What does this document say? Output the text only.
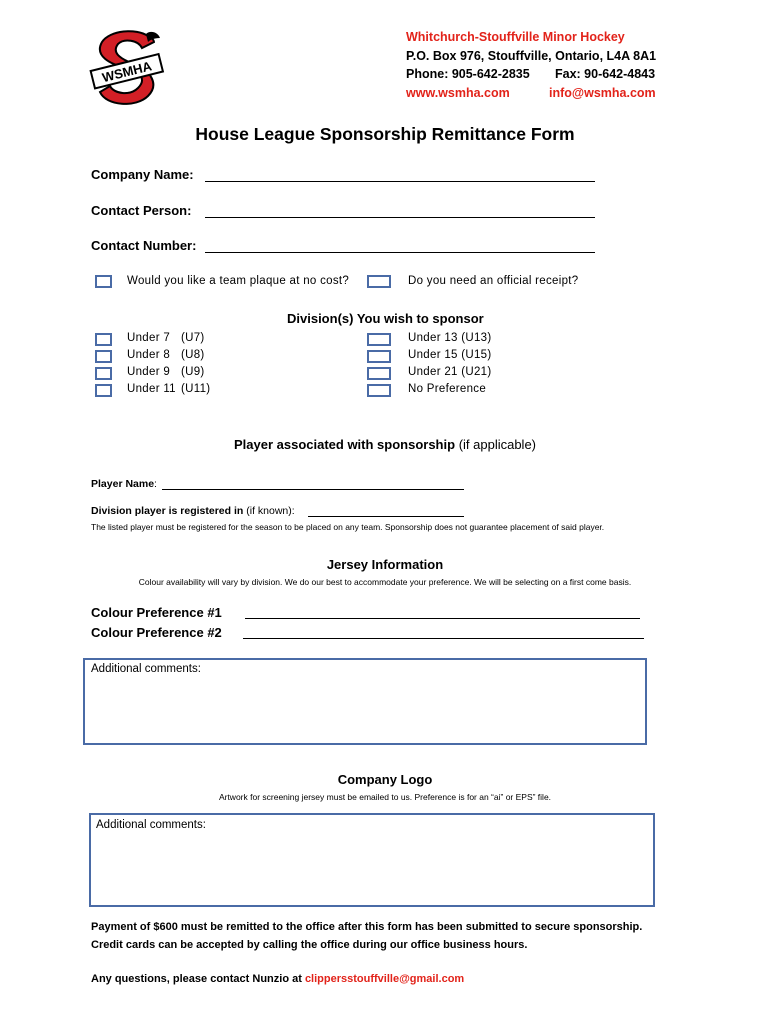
WSMHA
Whitchurch-Stouffville Minor Hockey
P.O. Box 976, Stouffville, Ontario, L4A 8A1
Phone: 905-642-2835 Fax: 90-642-4843
www.wsmha.com	info@wsmha.com
House League Sponsorship Remittance Form
Company Name:
Contact Person:
Contact Number:
Would you like a team plaque at no cost?	Do you need an official receipt?
Division(s) You wish to sponsor
Under 7 (U7)
Under 8 (U8)
Under 9 (U9)
Under 11 (U11)
Under 13 (U13)
Under 15 (U15)
Under 21 (U21)
No Preference
Player associated with sponsorship (if applicable)
Player Name:
Division player is registered in (if known):
The listed player must be registered for the season to be placed on any team. Sponsorship does not guarantee placement of said player.
Jersey Information
Colour availability will vary by division. We do our best to accommodate your preference. We will be selecting on a first come basis.
Colour Preference #1
Colour Preference #2
Additional comments:
Company Logo
Artwork for screening jersey must be emailed to us. Preference is for an “ai” or EPS” file.
Additional comments:
Payment of $600 must be remitted to the office after this form has been submitted to secure sponsorship.
Credit cards can be accepted by calling the office during our office business hours.
Any questions, please contact Nunzio at clippersstouffville@gmail.com
